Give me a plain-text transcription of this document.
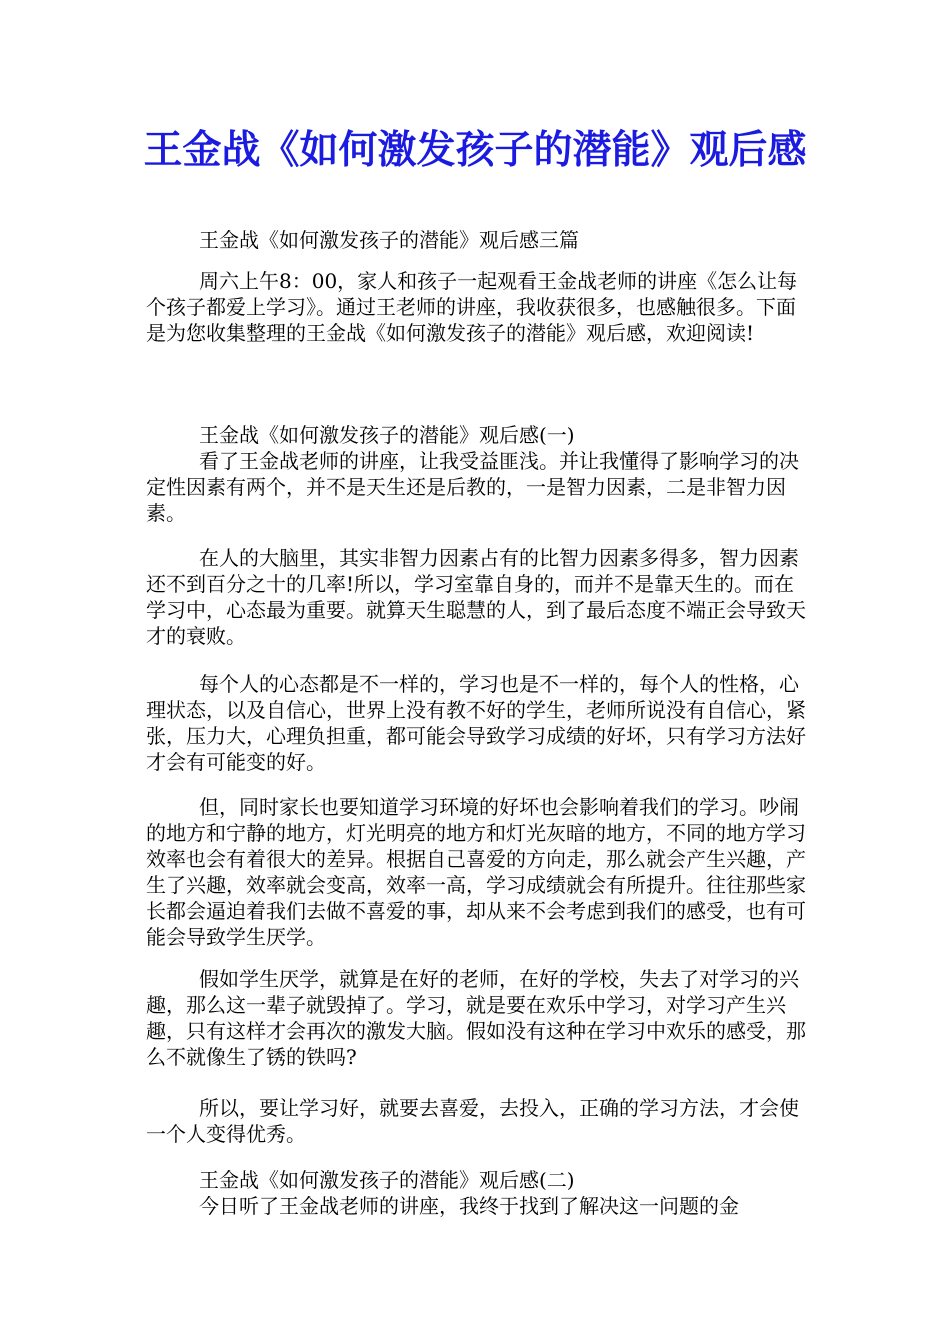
王金战《如何激发孩子的潜能》观后感

王金战《如何激发孩子的潜能》观后感三篇

周六上午8：00，家人和孩子一起观看王金战老师的讲座《怎么让每个孩子都爱上学习》。通过王老师的讲座，我收获很多，也感触很多。下面是为您收集整理的王金战《如何激发孩子的潜能》观后感，欢迎阅读!

王金战《如何激发孩子的潜能》观后感(一)

看了王金战老师的讲座，让我受益匪浅。并让我懂得了影响学习的决定性因素有两个，并不是天生还是后教的，一是智力因素，二是非智力因素。

在人的大脑里，其实非智力因素占有的比智力因素多得多，智力因素还不到百分之十的几率!所以，学习室靠自身的，而并不是靠天生的。而在学习中，心态最为重要。就算天生聪慧的人，到了最后态度不端正会导致天才的衰败。

每个人的心态都是不一样的，学习也是不一样的，每个人的性格，心理状态，以及自信心，世界上没有教不好的学生，老师所说没有自信心，紧张，压力大，心理负担重，都可能会导致学习成绩的好坏，只有学习方法好才会有可能变的好。

但，同时家长也要知道学习环境的好坏也会影响着我们的学习。吵闹的地方和宁静的地方，灯光明亮的地方和灯光灰暗的地方，不同的地方学习效率也会有着很大的差异。根据自己喜爱的方向走，那么就会产生兴趣，产生了兴趣，效率就会变高，效率一高，学习成绩就会有所提升。往往那些家长都会逼迫着我们去做不喜爱的事，却从来不会考虑到我们的感受，也有可能会导致学生厌学。

假如学生厌学，就算是在好的老师，在好的学校，失去了对学习的兴趣，那么这一辈子就毁掉了。学习，就是要在欢乐中学习，对学习产生兴趣，只有这样才会再次的激发大脑。假如没有这种在学习中欢乐的感受，那么不就像生了锈的铁吗?

所以，要让学习好，就要去喜爱，去投入，正确的学习方法，才会使一个人变得优秀。

王金战《如何激发孩子的潜能》观后感(二)

今日听了王金战老师的讲座，我终于找到了解决这一问题的金
